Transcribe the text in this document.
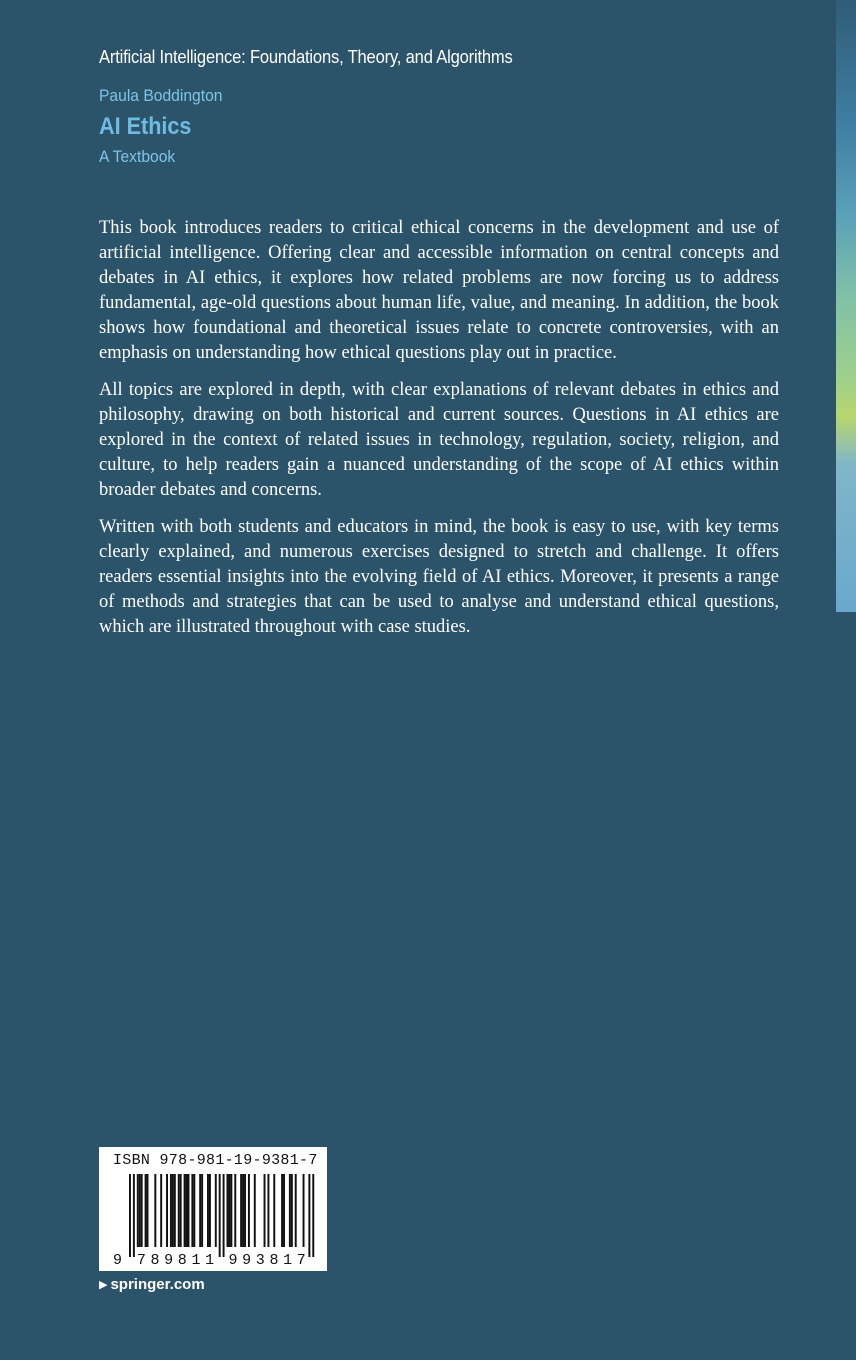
Artificial Intelligence: Foundations, Theory, and Algorithms
Paula Boddington
AI Ethics
A Textbook

This book introduces readers to critical ethical concerns in the development and use of artificial intelligence. Offering clear and accessible information on central concepts and debates in AI ethics, it explores how related problems are now forcing us to address fundamental, age-old questions about human life, value, and meaning. In addition, the book shows how foundational and theoretical issues relate to concrete controversies, with an emphasis on understanding how ethical questions play out in practice.

All topics are explored in depth, with clear explanations of relevant debates in ethics and philosophy, drawing on both historical and current sources. Questions in AI ethics are explored in the context of related issues in technology, regulation, society, religion, and culture, to help readers gain a nuanced understanding of the scope of AI ethics within broader debates and concerns.

Written with both students and educators in mind, the book is easy to use, with key terms clearly explained, and numerous exercises designed to stretch and challenge. It offers readers essential insights into the evolving field of AI ethics. Moreover, it presents a range of methods and strategies that can be used to analyse and understand ethical questions, which are illustrated throughout with case studies.

ISBN 978-981-19-9381-7
9 7 8 9 8 1 1 9 9 3 8 1 7
▶ springer.com
